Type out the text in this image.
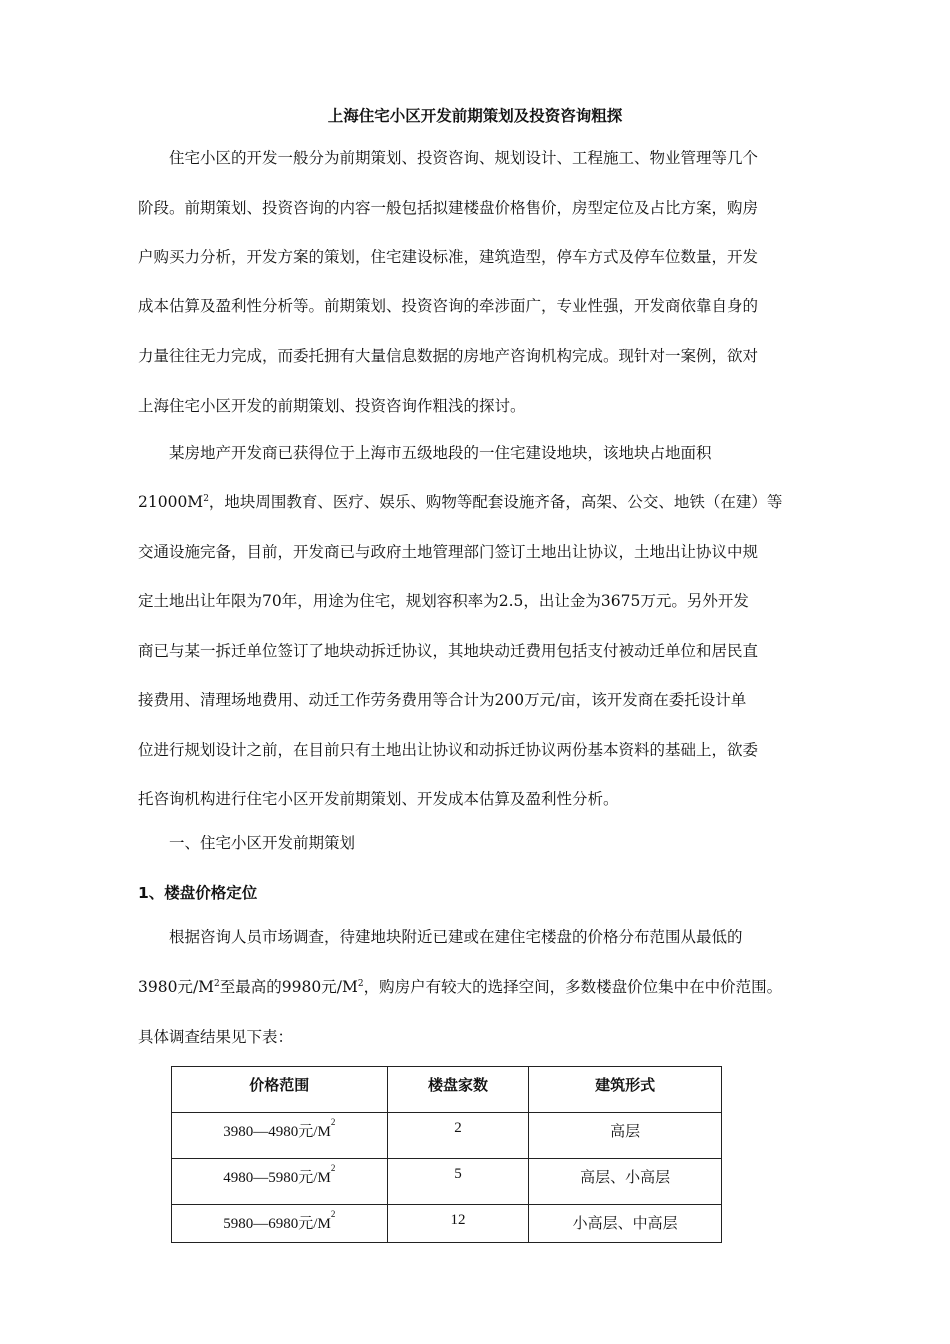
上海住宅小区开发前期策划及投资咨询粗探
　　住宅小区的开发一般分为前期策划、投资咨询、规划设计、工程施工、物业管理等几个
阶段。前期策划、投资咨询的内容一般包括拟建楼盘价格售价，房型定位及占比方案，购房
户购买力分析，开发方案的策划，住宅建设标准，建筑造型，停车方式及停车位数量，开发
成本估算及盈利性分析等。前期策划、投资咨询的牵涉面广，专业性强，开发商依靠自身的
力量往往无力完成，而委托拥有大量信息数据的房地产咨询机构完成。现针对一案例，欲对
上海住宅小区开发的前期策划、投资咨询作粗浅的探讨。
　　某房地产开发商已获得位于上海市五级地段的一住宅建设地块，该地块占地面积
$21000M^2$，地块周围教育、医疗、娱乐、购物等配套设施齐备，高架、公交、地铁（在建）等
交通设施完备，目前，开发商已与政府土地管理部门签订土地出让协议，土地出让协议中规
定土地出让年限为70年，用途为住宅，规划容积率为2.5，出让金为3675万元。另外开发
商已与某一拆迁单位签订了地块动拆迁协议，其地块动迁费用包括支付被动迁单位和居民直
接费用、清理场地费用、动迁工作劳务费用等合计为200万元/亩，该开发商在委托设计单
位进行规划设计之前，在目前只有土地出让协议和动拆迁协议两份基本资料的基础上，欲委
托咨询机构进行住宅小区开发前期策划、开发成本估算及盈利性分析。
　　一、住宅小区开发前期策划
1、楼盘价格定位
　　根据咨询人员市场调查，待建地块附近已建或在建住宅楼盘的价格分布范围从最低的
3980元$/M^2$至最高的9980元$/M^2$，购房户有较大的选择空间，多数楼盘价位集中在中价范围。
具体调查结果见下表：
价格范围	楼盘家数	建筑形式
3980—4980元$/M^2$	2	高层
4980—5980元$/M^2$	5	高层、小高层
5980—6980元$/M^2$	12	小高层、中高层
